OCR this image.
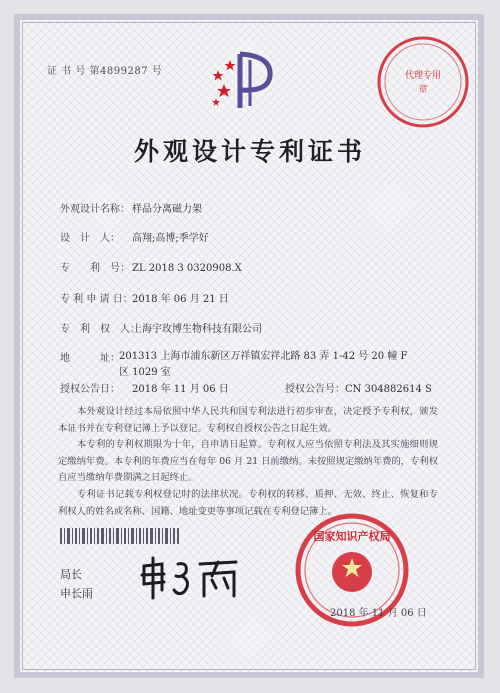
证 书 号 第4899287 号	代理专用
章
外观设计专利证书
外观设计名称： 样品分离磁力架
设　计　人： 高翔;高博;季学好
专　　利　号： ZL 2018 3 0320908.X
专 利 申 请 日：2018 年 06 月 21 日
专　利　权　人：上海宇玫博生物科技有限公司
地　　　址： 201313 上海市浦东新区万祥镇宏祥北路 83 弄 1-42 号 20 幢 F 区 1029 室
授权公告日： 2018 年 11 月 06 日	授权公告号：CN 304882614 S
　　本外观设计经过本局依照中华人民共和国专利法进行初步审查，决定授予专利权，颁发本证书并在专利登记簿上予以登记。专利权自授权公告之日起生效。
　　本专利的专利权期限为十年，自申请日起算。专利权人应当依照专利法及其实施细则规定缴纳年费。本专利的年费应当在每年 06 月 21 日前缴纳。未按照规定缴纳年费的，专利权自应当缴纳年费期满之日起终止。
　　专利证书记载专利权登记时的法律状况。专利权的转移、质押、无效、终止、恢复和专利权人的姓名或名称、国籍、地址变更等事项记载在专利登记簿上。
局长
申长雨
国家知识产权局
2018 年 11 月 06 日
